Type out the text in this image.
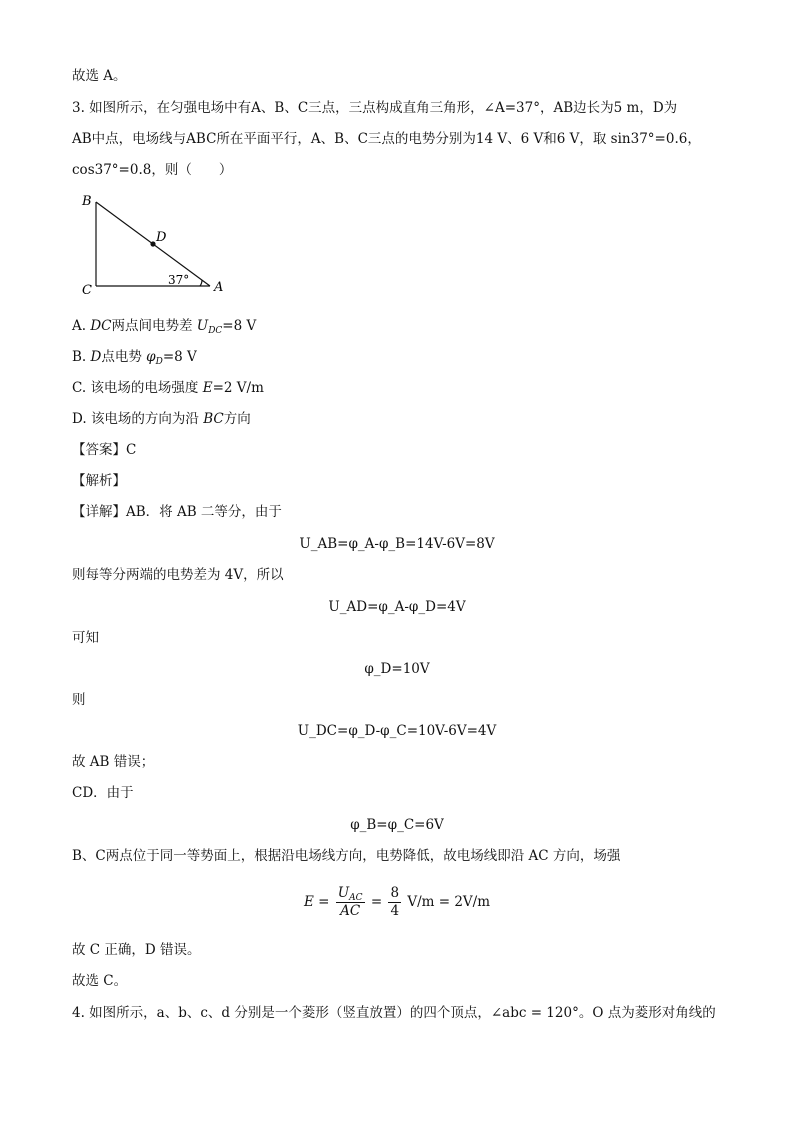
故选 A。
3. 如图所示，在匀强电场中有A、B、C三点，三点构成直角三角形，∠A=37°，AB边长为5 m，D为
AB中点，电场线与ABC所在平面平行，A、B、C三点的电势分别为14 V、6 V和6 V，取 sin37°=0.6，
cos37°=0.8，则（　　）
B
C	A
D
37°
A. DC两点间电势差 $U_{DC}=8$ V
B. D点电势 $\varphi_D=8$ V
C. 该电场的电场强度 E=2 V/m
D. 该电场的方向为沿 BC方向
【答案】C
【解析】
【详解】AB．将 AB 二等分，由于
U_AB=φ_A-φ_B=14V-6V=8V
则每等分两端的电势差为 4V，所以
U_AD=φ_A-φ_D=4V
可知
φ_D=10V
则
U_DC=φ_D-φ_C=10V-6V=4V
故 AB 错误；
CD．由于
φ_B=φ_C=6V
B、C两点位于同一等势面上，根据沿电场线方向，电势降低，故电场线即沿 AC 方向，场强
$E = \frac{U_{AC}}{AC} = \frac{8}{4} V/m = 2V/m$
故 C 正确，D 错误。
故选 C。
4. 如图所示，a、b、c、d 分别是一个菱形（竖直放置）的四个顶点，∠abc = 120°。O 点为菱形对角线的
